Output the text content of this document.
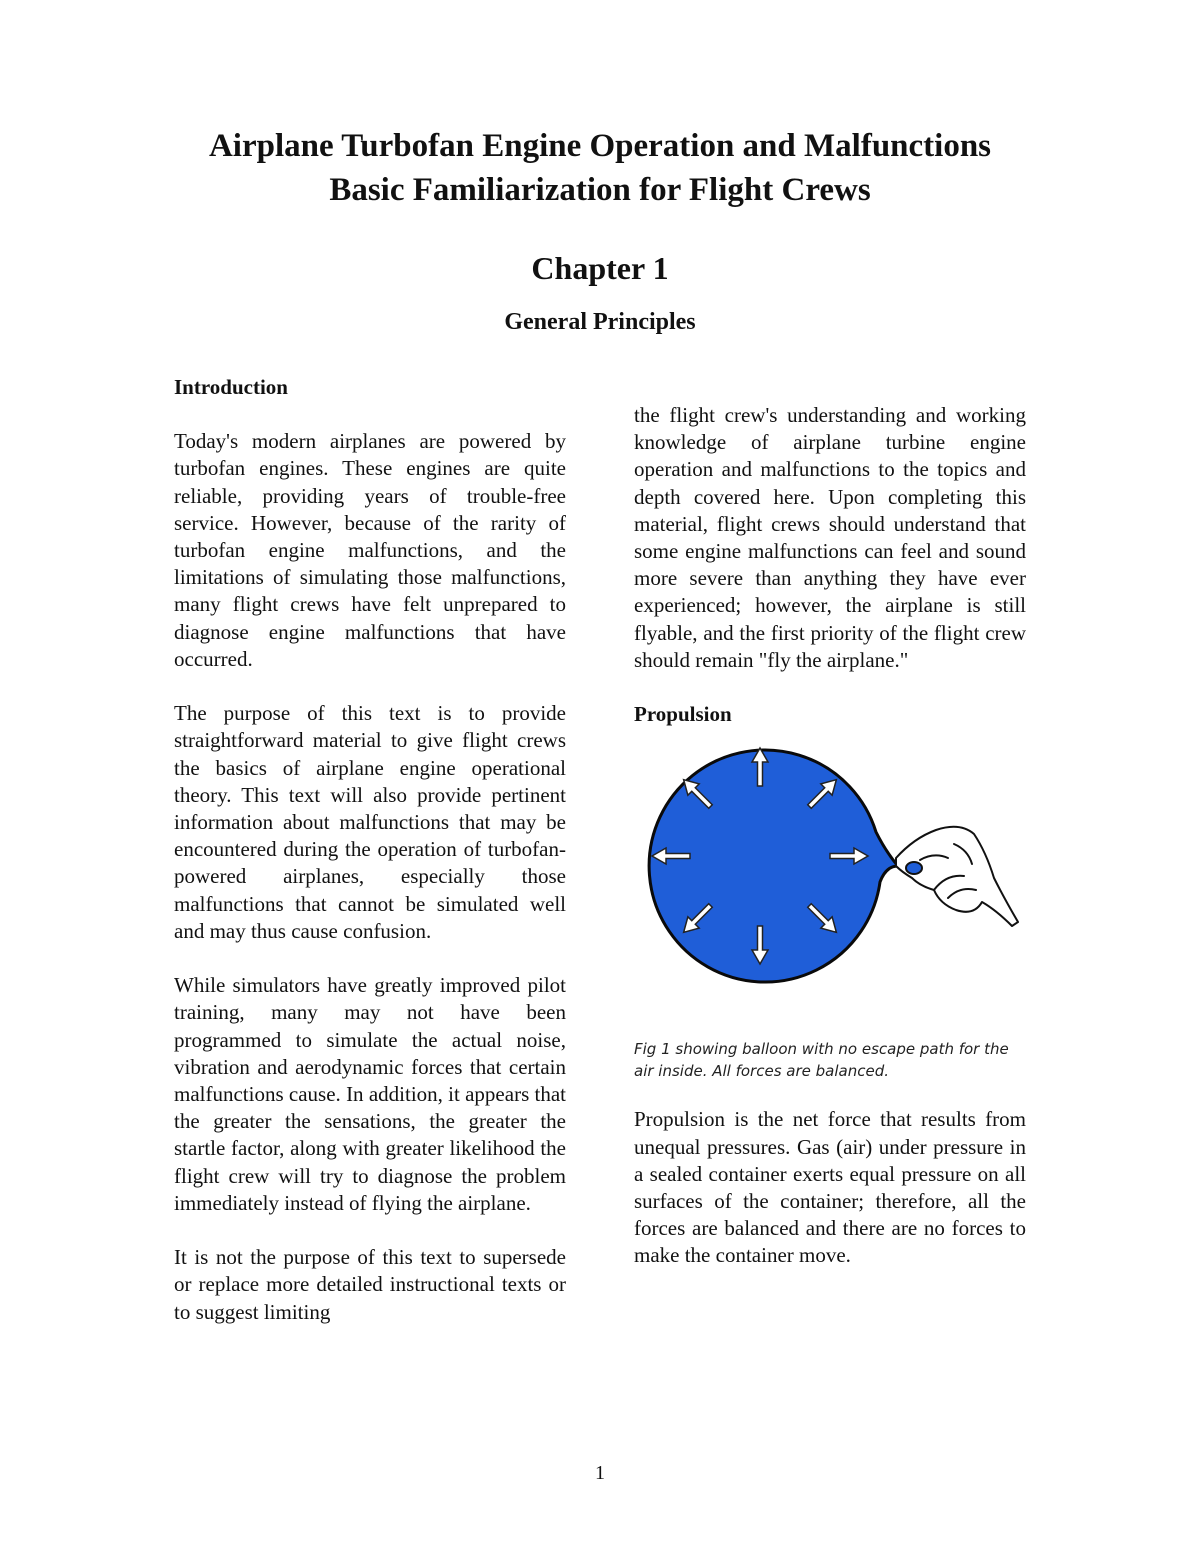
Airplane Turbofan Engine Operation and Malfunctions
Basic Familiarization for Flight Crews
Chapter 1
General Principles
Introduction

Today's modern airplanes are powered by turbofan engines. These engines are quite reliable, providing years of trouble-free service. However, because of the rarity of turbofan engine malfunctions, and the limitations of simulating those malfunctions, many flight crews have felt unprepared to diagnose engine malfunctions that have occurred.

The purpose of this text is to provide straightforward material to give flight crews the basics of airplane engine operational theory. This text will also provide pertinent information about malfunctions that may be encountered during the operation of turbofan-powered airplanes, especially those malfunctions that cannot be simulated well and may thus cause confusion.

While simulators have greatly improved pilot training, many may not have been programmed to simulate the actual noise, vibration and aerodynamic forces that certain malfunctions cause. In addition, it appears that the greater the sensations, the greater the startle factor, along with greater likelihood the flight crew will try to diagnose the problem immediately instead of flying the airplane.

It is not the purpose of this text to supersede or replace more detailed instructional texts or to suggest limiting

the flight crew's understanding and working knowledge of airplane turbine engine operation and malfunctions to the topics and depth covered here. Upon completing this material, flight crews should understand that some engine malfunctions can feel and sound more severe than anything they have ever experienced; however, the airplane is still flyable, and the first priority of the flight crew should remain "fly the airplane."

Propulsion

Fig 1 showing balloon with no escape path for the air inside. All forces are balanced.

Propulsion is the net force that results from unequal pressures. Gas (air) under pressure in a sealed container exerts equal pressure on all surfaces of the container; therefore, all the forces are balanced and there are no forces to make the container move.

1
